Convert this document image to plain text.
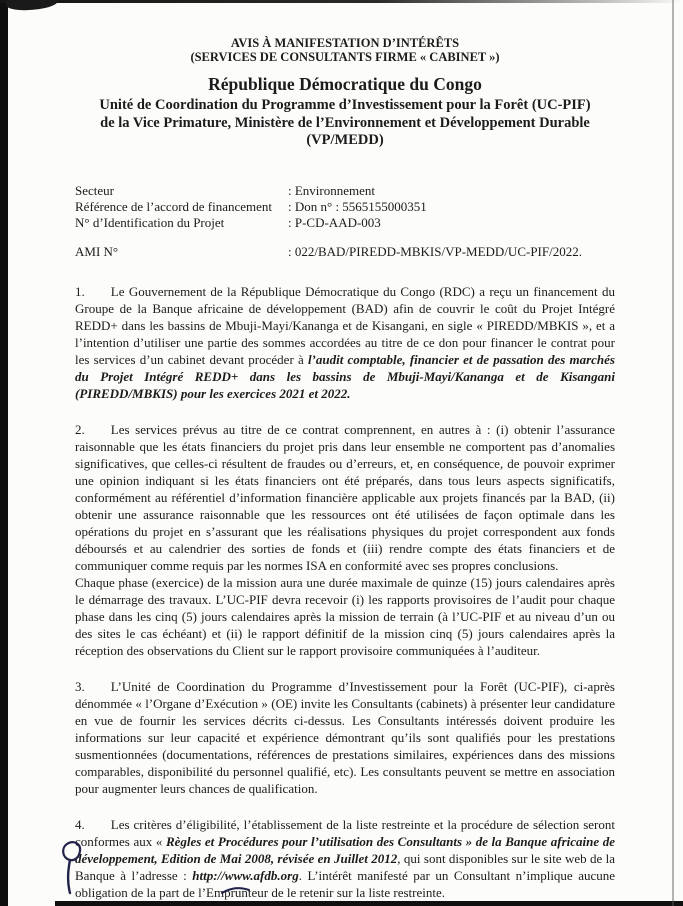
AVIS À MANIFESTATION D’INTÉRÊTS
(SERVICES DE CONSULTANTS FIRME « CABINET »)
République Démocratique du Congo
Unité de Coordination du Programme d’Investissement pour la Forêt (UC-PIF)
de la Vice Primature, Ministère de l’Environnement et Développement Durable
(VP/MEDD)
Secteur	: Environnement
Référence de l’accord de financement	: Don n° : 5565155000351
N° d’Identification du Projet	: P-CD-AAD-003
AMI N°	: 022/BAD/PIREDD-MBKIS/VP-MEDD/UC-PIF/2022.

1. Le Gouvernement de la République Démocratique du Congo (RDC) a reçu un financement du Groupe de la Banque africaine de développement (BAD) afin de couvrir le coût du Projet Intégré REDD+ dans les bassins de Mbuji-Mayi/Kananga et de Kisangani, en sigle « PIREDD/MBKIS », et a l’intention d’utiliser une partie des sommes accordées au titre de ce don pour financer le contrat pour les services d’un cabinet devant procéder à l’audit comptable, financier et de passation des marchés du Projet Intégré REDD+ dans les bassins de Mbuji-Mayi/Kananga et de Kisangani (PIREDD/MBKIS) pour les exercices 2021 et 2022.

2. Les services prévus au titre de ce contrat comprennent, en autres à : (i) obtenir l’assurance raisonnable que les états financiers du projet pris dans leur ensemble ne comportent pas d’anomalies significatives, que celles-ci résultent de fraudes ou d’erreurs, et, en conséquence, de pouvoir exprimer une opinion indiquant si les états financiers ont été préparés, dans tous leurs aspects significatifs, conformément au référentiel d’information financière applicable aux projets financés par la BAD, (ii) obtenir une assurance raisonnable que les ressources ont été utilisées de façon optimale dans les opérations du projet en s’assurant que les réalisations physiques du projet correspondent aux fonds déboursés et au calendrier des sorties de fonds et (iii) rendre compte des états financiers et de communiquer comme requis par les normes ISA en conformité avec ses propres conclusions.

Chaque phase (exercice) de la mission aura une durée maximale de quinze (15) jours calendaires après le démarrage des travaux. L’UC-PIF devra recevoir (i) les rapports provisoires de l’audit pour chaque phase dans les cinq (5) jours calendaires après la mission de terrain (à l’UC-PIF et au niveau d’un ou des sites le cas échéant) et (ii) le rapport définitif de la mission cinq (5) jours calendaires après la réception des observations du Client sur le rapport provisoire communiquées à l’auditeur.

3. L’Unité de Coordination du Programme d’Investissement pour la Forêt (UC-PIF), ci-après dénommée « l’Organe d’Exécution » (OE) invite les Consultants (cabinets) à présenter leur candidature en vue de fournir les services décrits ci-dessus. Les Consultants intéressés doivent produire les informations sur leur capacité et expérience démontrant qu’ils sont qualifiés pour les prestations susmentionnées (documentations, références de prestations similaires, expériences dans des missions comparables, disponibilité du personnel qualifié, etc). Les consultants peuvent se mettre en association pour augmenter leurs chances de qualification.

4. Les critères d’éligibilité, l’établissement de la liste restreinte et la procédure de sélection seront conformes aux « Règles et Procédures pour l’utilisation des Consultants » de la Banque africaine de développement, Edition de Mai 2008, révisée en Juillet 2012, qui sont disponibles sur le site web de la Banque à l’adresse : http://www.afdb.org. L’intérêt manifesté par un Consultant n’implique aucune obligation de la part de l’Emprunteur de le retenir sur la liste restreinte.
